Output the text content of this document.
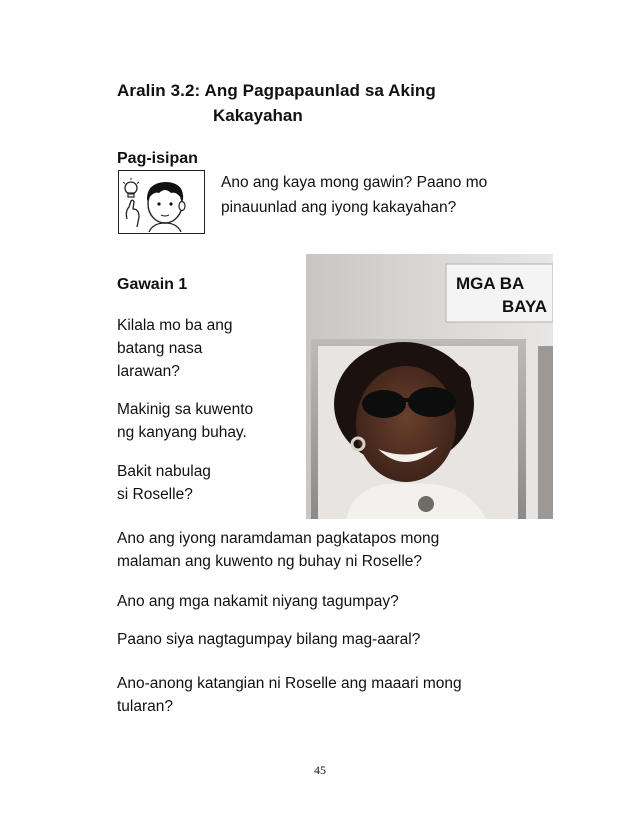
Aralin 3.2: Ang Pagpapaunlad sa Aking
Kakayahan
Pag-isipan
Ano ang kaya mong gawin? Paano mo
pinauunlad ang iyong kakayahan?
Gawain 1
Kilala mo ba ang
batang nasa
larawan?
Makinig sa kuwento
ng kanyang buhay.
Bakit nabulag
si Roselle?
MGA BA
BAYA
Ano ang iyong naramdaman pagkatapos mong
malaman ang kuwento ng buhay ni Roselle?
Ano ang mga nakamit niyang tagumpay?
Paano siya nagtagumpay bilang mag-aaral?
Ano-anong katangian ni Roselle ang maaari mong
tularan?
45
